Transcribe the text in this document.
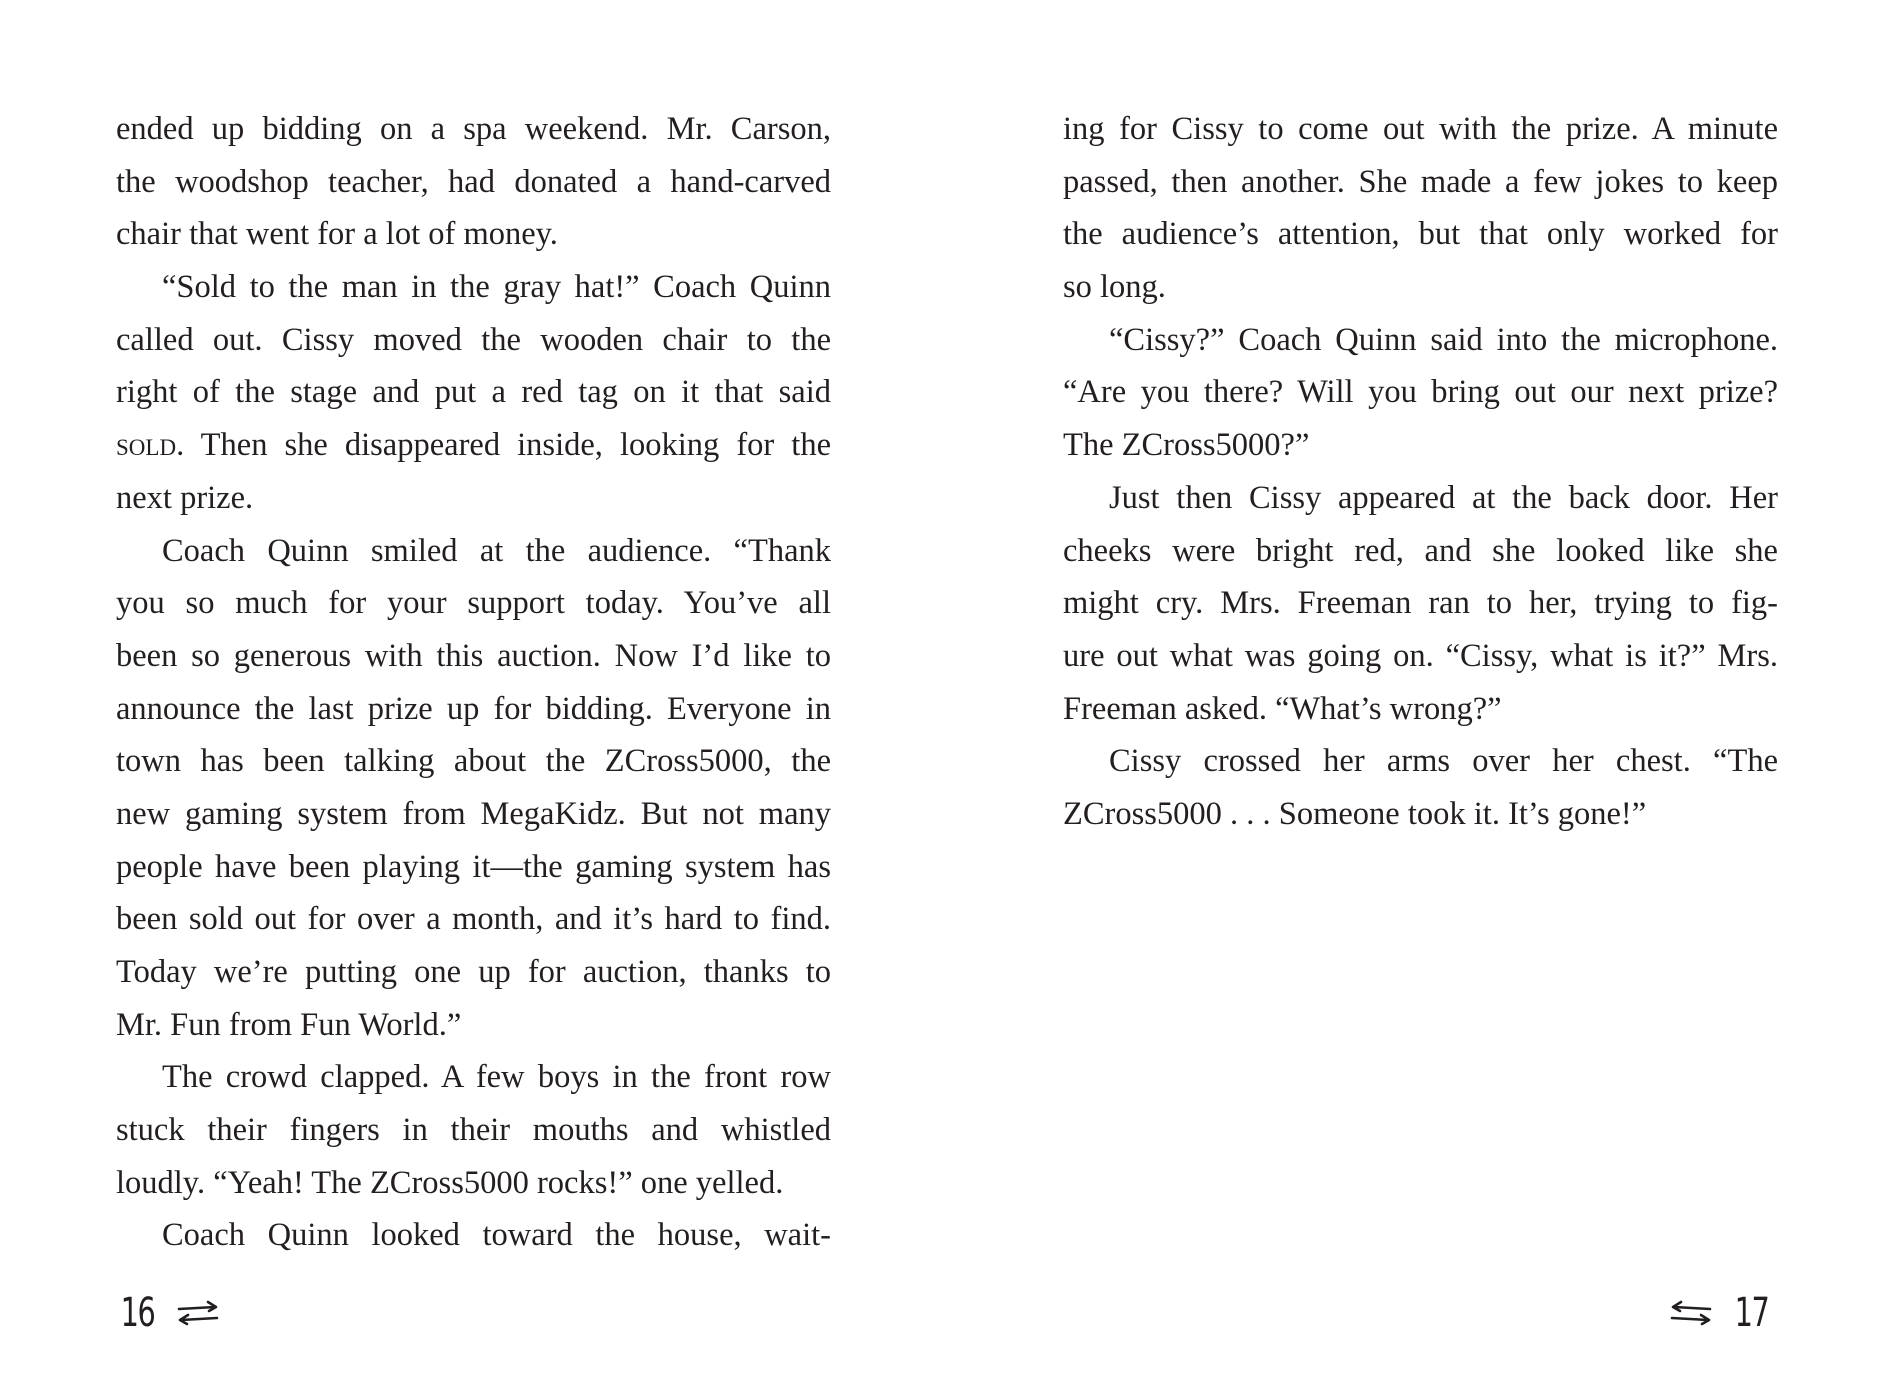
ended up bidding on a spa weekend. Mr. Carson,
the woodshop teacher, had donated a hand-carved
chair that went for a lot of money.
“Sold to the man in the gray hat!” Coach Quinn
called out. Cissy moved the wooden chair to the
right of the stage and put a red tag on it that said
sold. Then she disappeared inside, looking for the
next prize.
Coach Quinn smiled at the audience. “Thank
you so much for your support today. You’ve all
been so generous with this auction. Now I’d like to
announce the last prize up for bidding. Everyone in
town has been talking about the ZCross5000, the
new gaming system from MegaKidz. But not many
people have been playing it—the gaming system has
been sold out for over a month, and it’s hard to find.
Today we’re putting one up for auction, thanks to
Mr. Fun from Fun World.”
The crowd clapped. A few boys in the front row
stuck their fingers in their mouths and whistled
loudly. “Yeah! The ZCross5000 rocks!” one yelled.
Coach Quinn looked toward the house, wait-
ing for Cissy to come out with the prize. A minute
passed, then another. She made a few jokes to keep
the audience’s attention, but that only worked for
so long.
“Cissy?” Coach Quinn said into the microphone.
“Are you there? Will you bring out our next prize?
The ZCross5000?”
Just then Cissy appeared at the back door. Her
cheeks were bright red, and she looked like she
might cry. Mrs. Freeman ran to her, trying to fig-
ure out what was going on. “Cissy, what is it?” Mrs.
Freeman asked. “What’s wrong?”
Cissy crossed her arms over her chest. “The
ZCross5000 . . . Someone took it. It’s gone!”
16	17
